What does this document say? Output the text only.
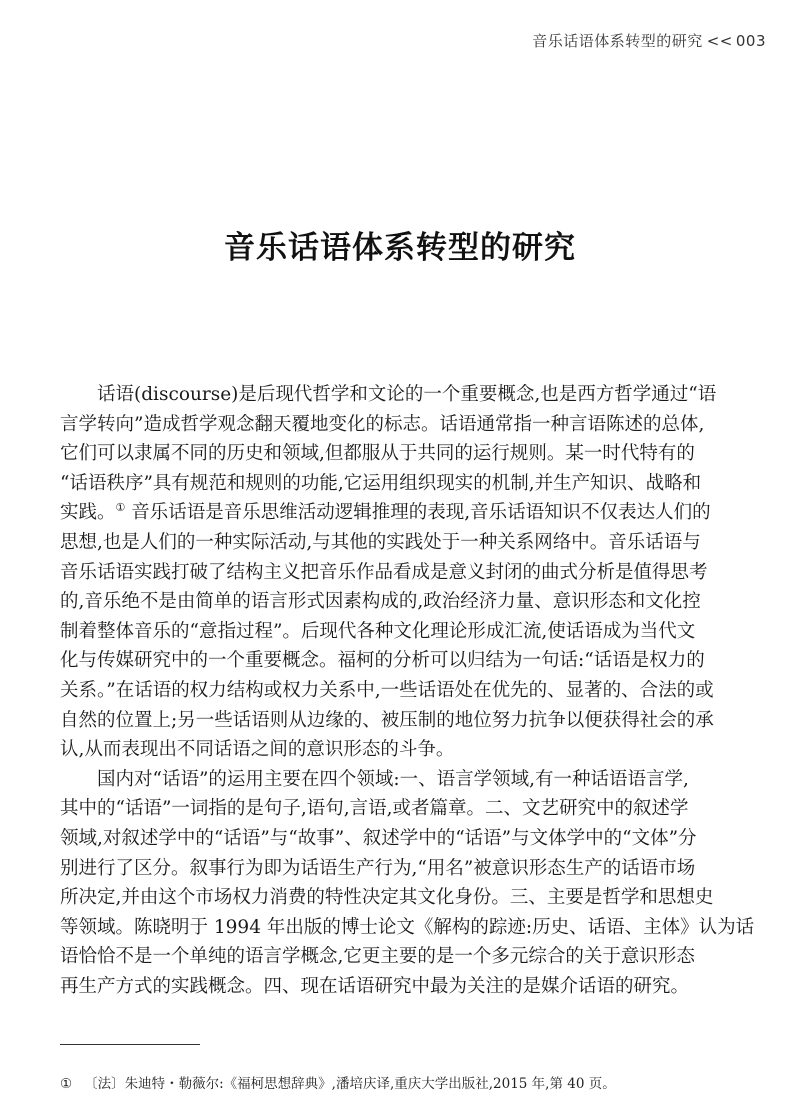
音乐话语体系转型的研究 << 003
音乐话语体系转型的研究
话语(discourse)是后现代哲学和文论的一个重要概念,也是西方哲学通过“语
言学转向”造成哲学观念翻天覆地变化的标志。话语通常指一种言语陈述的总体,
它们可以隶属不同的历史和领域,但都服从于共同的运行规则。某一时代特有的
“话语秩序”具有规范和规则的功能,它运用组织现实的机制,并生产知识、战略和
实践。① 音乐话语是音乐思维活动逻辑推理的表现,音乐话语知识不仅表达人们的
思想,也是人们的一种实际活动,与其他的实践处于一种关系网络中。音乐话语与
音乐话语实践打破了结构主义把音乐作品看成是意义封闭的曲式分析是值得思考
的,音乐绝不是由简单的语言形式因素构成的,政治经济力量、意识形态和文化控
制着整体音乐的“意指过程”。后现代各种文化理论形成汇流,使话语成为当代文
化与传媒研究中的一个重要概念。福柯的分析可以归结为一句话:“话语是权力的
关系。”在话语的权力结构或权力关系中,一些话语处在优先的、显著的、合法的或
自然的位置上;另一些话语则从边缘的、被压制的地位努力抗争以便获得社会的承
认,从而表现出不同话语之间的意识形态的斗争。
国内对“话语”的运用主要在四个领域:一、语言学领域,有一种话语语言学,
其中的“话语”一词指的是句子,语句,言语,或者篇章。二、文艺研究中的叙述学
领域,对叙述学中的“话语”与“故事”、叙述学中的“话语”与文体学中的“文体”分
别进行了区分。叙事行为即为话语生产行为,“用名”被意识形态生产的话语市场
所决定,并由这个市场权力消费的特性决定其文化身份。三、主要是哲学和思想史
等领域。陈晓明于 1994 年出版的博士论文《解构的踪迹:历史、话语、主体》认为话
语恰恰不是一个单纯的语言学概念,它更主要的是一个多元综合的关于意识形态
再生产方式的实践概念。四、现在话语研究中最为关注的是媒介话语的研究。
① 〔法〕朱迪特・勒薇尔:《福柯思想辞典》,潘培庆译,重庆大学出版社,2015 年,第 40 页。
